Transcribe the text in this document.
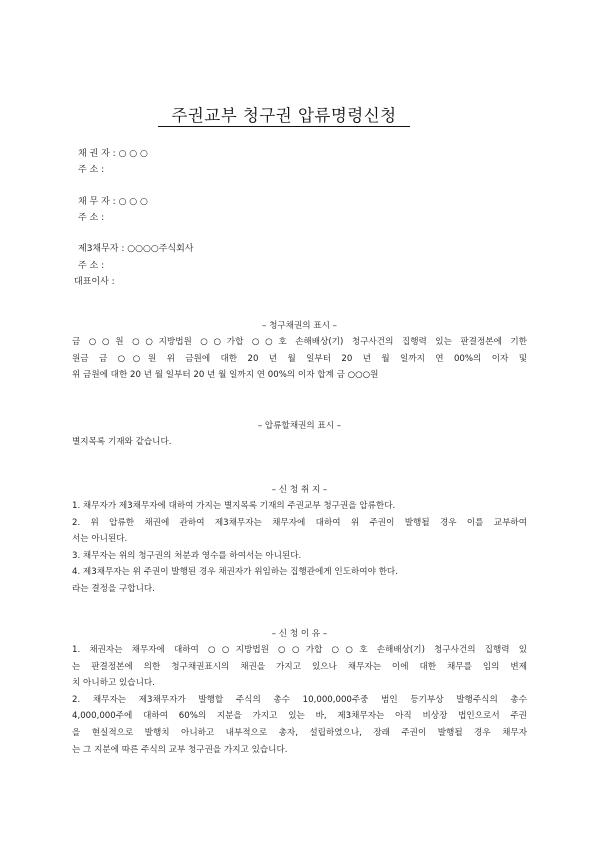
주권교부 청구권 압류명령신청
채 권 자 : ○ ○ ○
주 소 :
채 무 자 : ○ ○ ○
주 소 :
제3채무자 : ○○○○주식회사
주 소 :
대표이사 :
– 청구채권의 표시 –
금 ○○원 ○○지방법원 ○○가합 ○○호 손해배상(기) 청구사건의 집행력 있는 판결정본에 기한
원금 금 ○○원 위 금원에 대한 20 년 월 일부터 20 년 월 일까지 연 00%의 이자 및
위 금원에 대한 20 년 월 일부터 20 년 월 일까지 연 00%의 이자 합계 금 ○○○원
– 압류할채권의 표시 –
별지목록 기재와 같습니다.
– 신 청 취 지 –
1. 채무자가 제3채무자에 대하여 가지는 별지목록 기재의 주권교부 청구권을 압류한다.
2. 위 압류한 채권에 관하여 제3채무자는 채무자에 대하여 위 주권이 발행될 경우 이를 교부하여
서는 아니된다.
3. 채무자는 위의 청구권의 처분과 영수를 하여서는 아니된다.
4. 제3채무자는 위 주권이 발행된 경우 채권자가 위임하는 집행관에게 인도하여야 한다.
라는 결정을 구합니다.
– 신 청 이 유 –
1. 채권자는 채무자에 대하여 ○○지방법원 ○○가합 ○○호 손해배상(기) 청구사건의 집행력 있
는 판결정본에 의한 청구채권표시의 채권을 가지고 있으나 채무자는 이에 대한 채무를 임의 변제
치 아니하고 있습니다.
2. 채무자는 제3채무자가 발행할 주식의 총수 10,000,000주중 범인 등기부상 발행주식의 총수
4,000,000주에 대하여 60%의 지분을 가지고 있는 바, 제3채무자는 아직 비상장 법인으로서 주권
을 현실적으로 발행치 아니하고 내부적으로 총자, 설립하였으나, 장래 주권이 발행될 경우 채무자
는 그 지분에 따른 주식의 교부 청구권을 가지고 있습니다.
